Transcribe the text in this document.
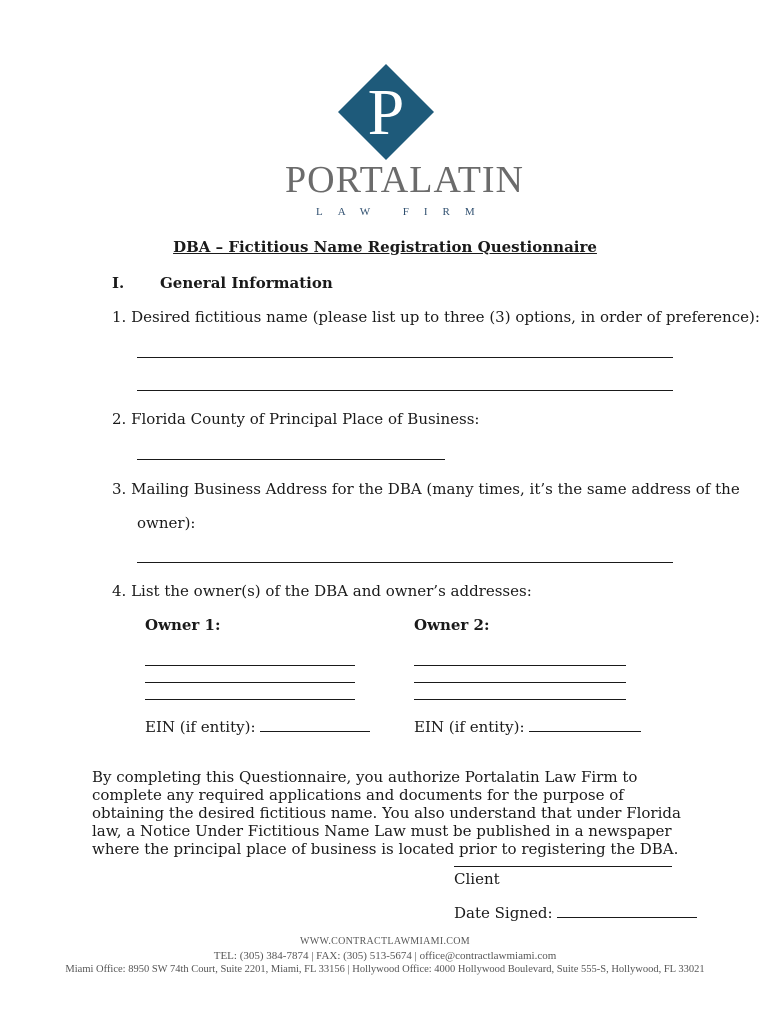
P
PORTALATIN
LAW FIRM
DBA – Fictitious Name Registration Questionnaire
I. General Information
1. Desired fictitious name (please list up to three (3) options, in order of preference):
2. Florida County of Principal Place of Business:
3. Mailing Business Address for the DBA (many times, it’s the same address of the
owner):
4. List the owner(s) of the DBA and owner’s addresses:
Owner 1:	Owner 2:
EIN (if entity):	EIN (if entity):
By completing this Questionnaire, you authorize Portalatin Law Firm to complete any required applications and documents for the purpose of obtaining the desired fictitious name. You also understand that under Florida law, a Notice Under Fictitious Name Law must be published in a newspaper where the principal place of business is located prior to registering the DBA.
Client
Date Signed:
WWW.CONTRACTLAWMIAMI.COM
TEL: (305) 384-7874 | FAX: (305) 513-5674 | office@contractlawmiami.com
Miami Office: 8950 SW 74th Court, Suite 2201, Miami, FL 33156 | Hollywood Office: 4000 Hollywood Boulevard, Suite 555-S, Hollywood, FL 33021
